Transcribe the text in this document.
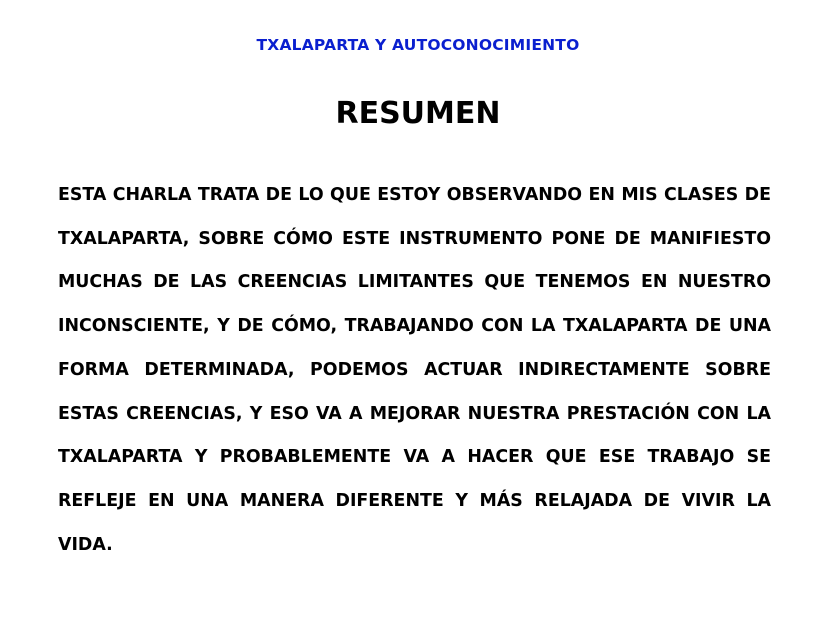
TXALAPARTA Y AUTOCONOCIMIENTO
RESUMEN

ESTA CHARLA TRATA DE LO QUE ESTOY OBSERVANDO EN MIS CLASES DE TXALAPARTA, SOBRE CÓMO ESTE INSTRUMENTO PONE DE MANIFIESTO MUCHAS DE LAS CREENCIAS LIMITANTES QUE TENEMOS EN NUESTRO INCONSCIENTE, Y DE CÓMO, TRABAJANDO CON LA TXALAPARTA DE UNA FORMA DETERMINADA, PODEMOS ACTUAR INDIRECTAMENTE SOBRE ESTAS CREENCIAS, Y ESO VA A MEJORAR NUESTRA PRESTACIÓN CON LA TXALAPARTA Y PROBABLEMENTE VA A HACER QUE ESE TRABAJO SE REFLEJE EN UNA MANERA DIFERENTE Y MÁS RELAJADA DE VIVIR LA VIDA.
